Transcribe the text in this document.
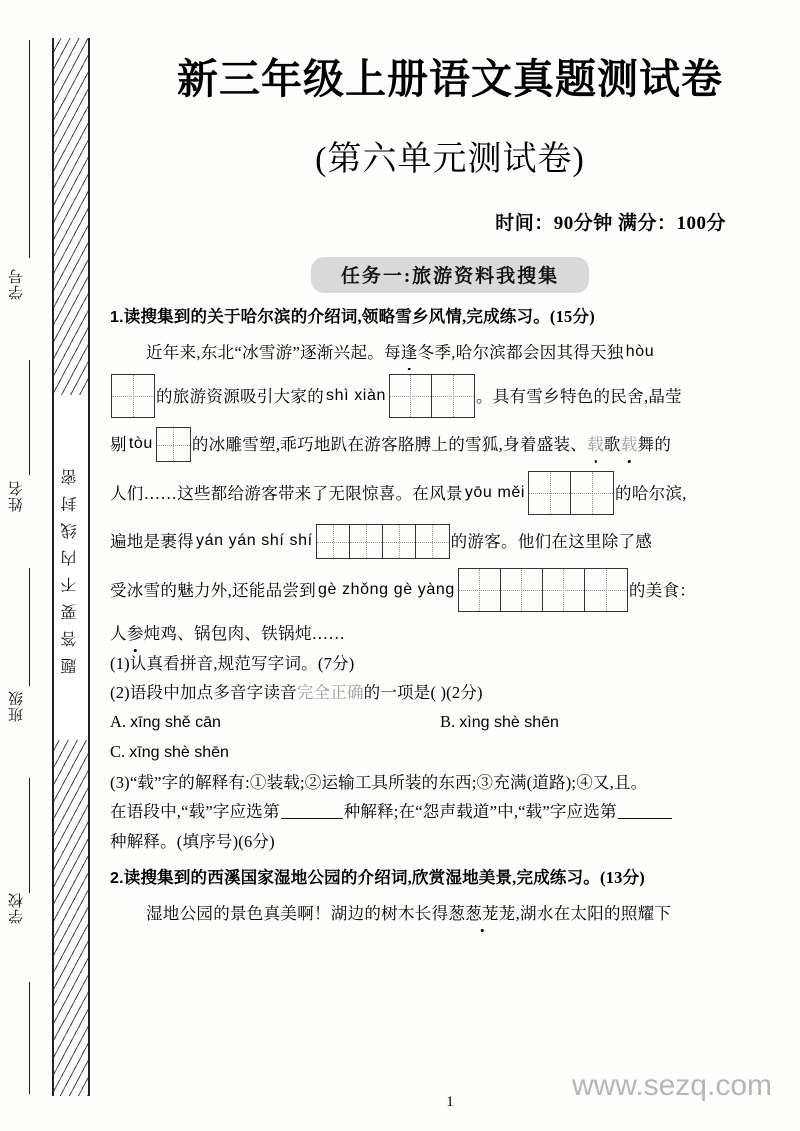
学号
姓名
班级
学校
题答要不内线封密
新三年级上册语文真题测试卷
(第六单元测试卷)
时间：90分钟 满分：100分
任务一:旅游资料我搜集
1.读搜集到的关于哈尔滨的介绍词,领略雪乡风情,完成练习。(15分)
近年来,东北“冰雪游”逐渐兴起。每 逢 冬季,哈尔滨都会因其得天独 hòu
的旅游资源吸引大家的 shì xiàn	。具有雪乡特色的民舍,晶莹
剔 tòu 的冰雕雪塑,乖巧地趴在游客胳膊上的雪狐,身着盛装、 载 歌 载 舞的
人们……这些都给游客带来了无限惊喜。在风景 yōu měi	的哈尔滨,
遍地是裹得 yán yán shí shí	的游客。他们在这里除了感
受冰雪的魅力外,还能品尝到 gè zhǒng gè yàng	的美食：
人 参 炖鸡、锅包肉、铁锅炖……
(1)认真看拼音,规范写字词。(7分)
(2)语段中加点多音字读音完全正确的一项是( )(2分)
A. xīng shě cān	B. xìng shè shēn
C. xīng shè shēn
(3)“载”字的解释有:①装载;②运输工具所装的东西;③充满(道路);④又,且。
在语段中,“载”字应选第	种解释;在“怨声载道”中,“载”字应选第
种解释。(填序号)(6分)
2.读搜集到的西溪国家湿地公园的介绍词,欣赏湿地美景,完成练习。(13分)
湿地公园的景色真美啊！湖边的树木长得 葱葱茏茏 ,湖水在太阳的照耀下
1	www.sezq.com
